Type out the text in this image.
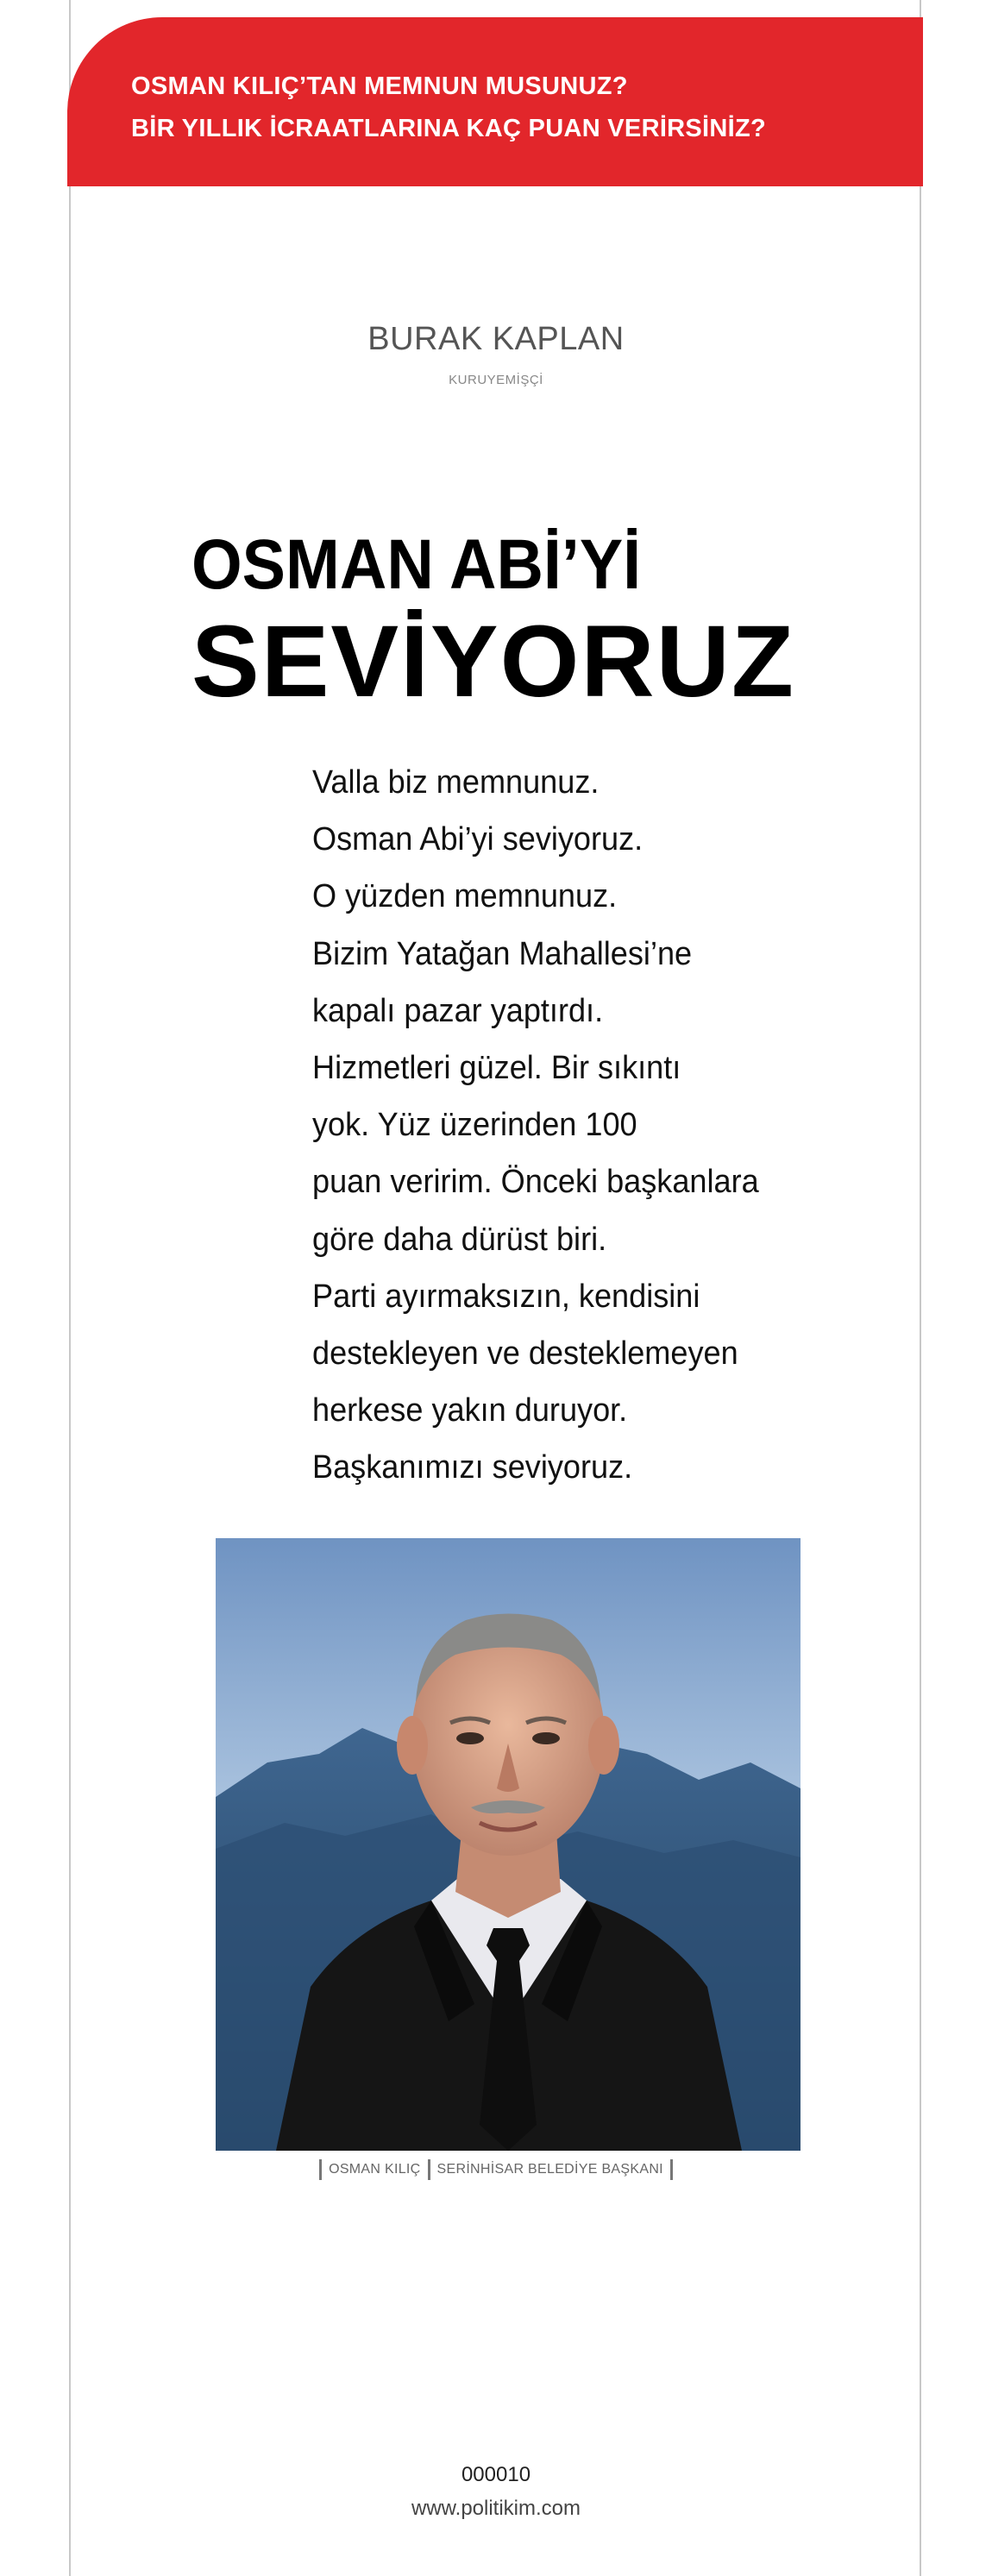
OSMAN KILIÇ’TAN MEMNUN MUSUNUZ?
BİR YILLIK İCRAATLARINA KAÇ PUAN VERİRSİNİZ?
BURAK KAPLAN
KURUYEMİŞÇİ
OSMAN ABİ’Yİ
SEVİYORUZ
Valla biz memnunuz.
Osman Abi’yi seviyoruz.
O yüzden memnunuz.
Bizim Yatağan Mahallesi’ne
kapalı pazar yaptırdı.
Hizmetleri güzel. Bir sıkıntı
yok. Yüz üzerinden 100
puan veririm. Önceki başkanlara
göre daha dürüst biri.
Parti ayırmaksızın, kendisini
destekleyen ve desteklemeyen
herkese yakın duruyor.
Başkanımızı seviyoruz.
OSMAN KILIÇ SERİNHİSAR BELEDİYE BAŞKANI
000010
www.politikim.com
